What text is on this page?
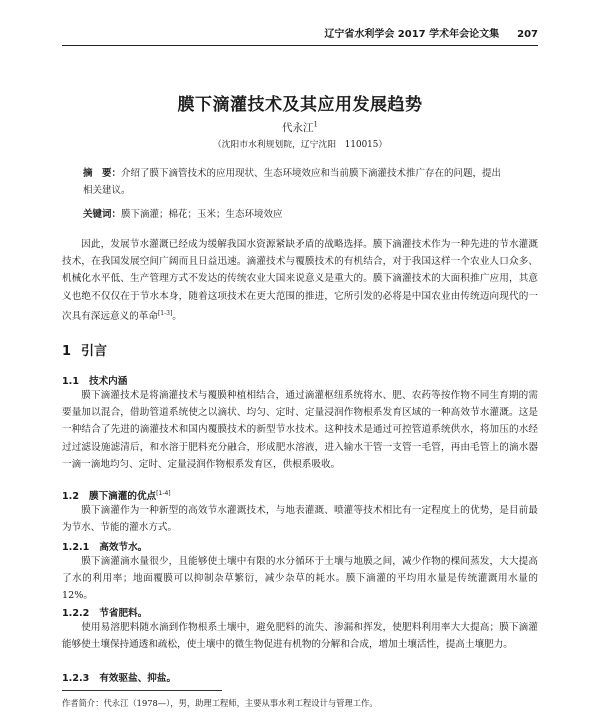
辽宁省水利学会 2017 学术年会论文集 207
膜下滴灌技术及其应用发展趋势
代永江$^1$
（沈阳市水利规划院，辽宁沈阳　110015）
摘　要：介绍了膜下滴管技术的应用现状、生态环境效应和当前膜下滴灌技术推广存在的问题，提出相关建议。
关键词：膜下滴灌；棉花；玉米；生态环境效应

因此，发展节水灌溉已经成为缓解我国水资源紧缺矛盾的战略选择。膜下滴灌技术作为一种先进的节水灌溉技术，在我国发展空间广阔而且日益迅速。滴灌技术与覆膜技术的有机结合，对于我国这样一个农业人口众多、机械化水平低、生产管理方式不发达的传统农业大国来说意义是重大的。膜下滴灌技术的大面积推广应用，其意义也绝不仅仅在于节水本身，随着这项技术在更大范围的推进，它所引发的必将是中国农业由传统迈向现代的一次具有深远意义的革命[1-3]。

1 引言
1.1 技术内涵

膜下滴灌技术是将滴灌技术与覆膜种植相结合，通过滴灌枢纽系统将水、肥、农药等按作物不同生育期的需要量加以混合，借助管道系统使之以滴状、均匀、定时、定量浸润作物根系发育区域的一种高效节水灌溉。这是一种结合了先进的滴灌技术和国内覆膜技术的新型节水技术。这种技术是通过可控管道系统供水，将加压的水经过过滤设施滤清后，和水溶于肥料充分融合，形成肥水溶液，进入输水干管一支管一毛管，再由毛管上的滴水器一滴一滴地均匀、定时、定量浸润作物根系发育区，供根系吸收。

1.2 膜下滴灌的优点[1-4]

膜下滴灌作为一种新型的高效节水灌溉技术，与地表灌溉、喷灌等技术相比有一定程度上的优势，是目前最为节水、节能的灌水方式。

1.2.1 高效节水。

膜下滴灌滴水量很少，且能够使土壤中有限的水分循环于土壤与地膜之间，减少作物的棵间蒸发，大大提高了水的利用率；地面覆膜可以抑制杂草繁衍，减少杂草的耗水。膜下滴灌的平均用水量是传统灌溉用水量的12%。

1.2.2 节省肥料。

使用易溶肥料随水滴到作物根系土壤中，避免肥料的流失、渗漏和挥发，使肥料利用率大大提高；膜下滴灌能够使土壤保持通透和疏松，使土壤中的微生物促进有机物的分解和合成，增加土壤活性，提高土壤肥力。

1.2.3 有效驱盐、抑盐。
作者简介：代永江（1978—），男，助理工程师，主要从事水利工程设计与管理工作。
